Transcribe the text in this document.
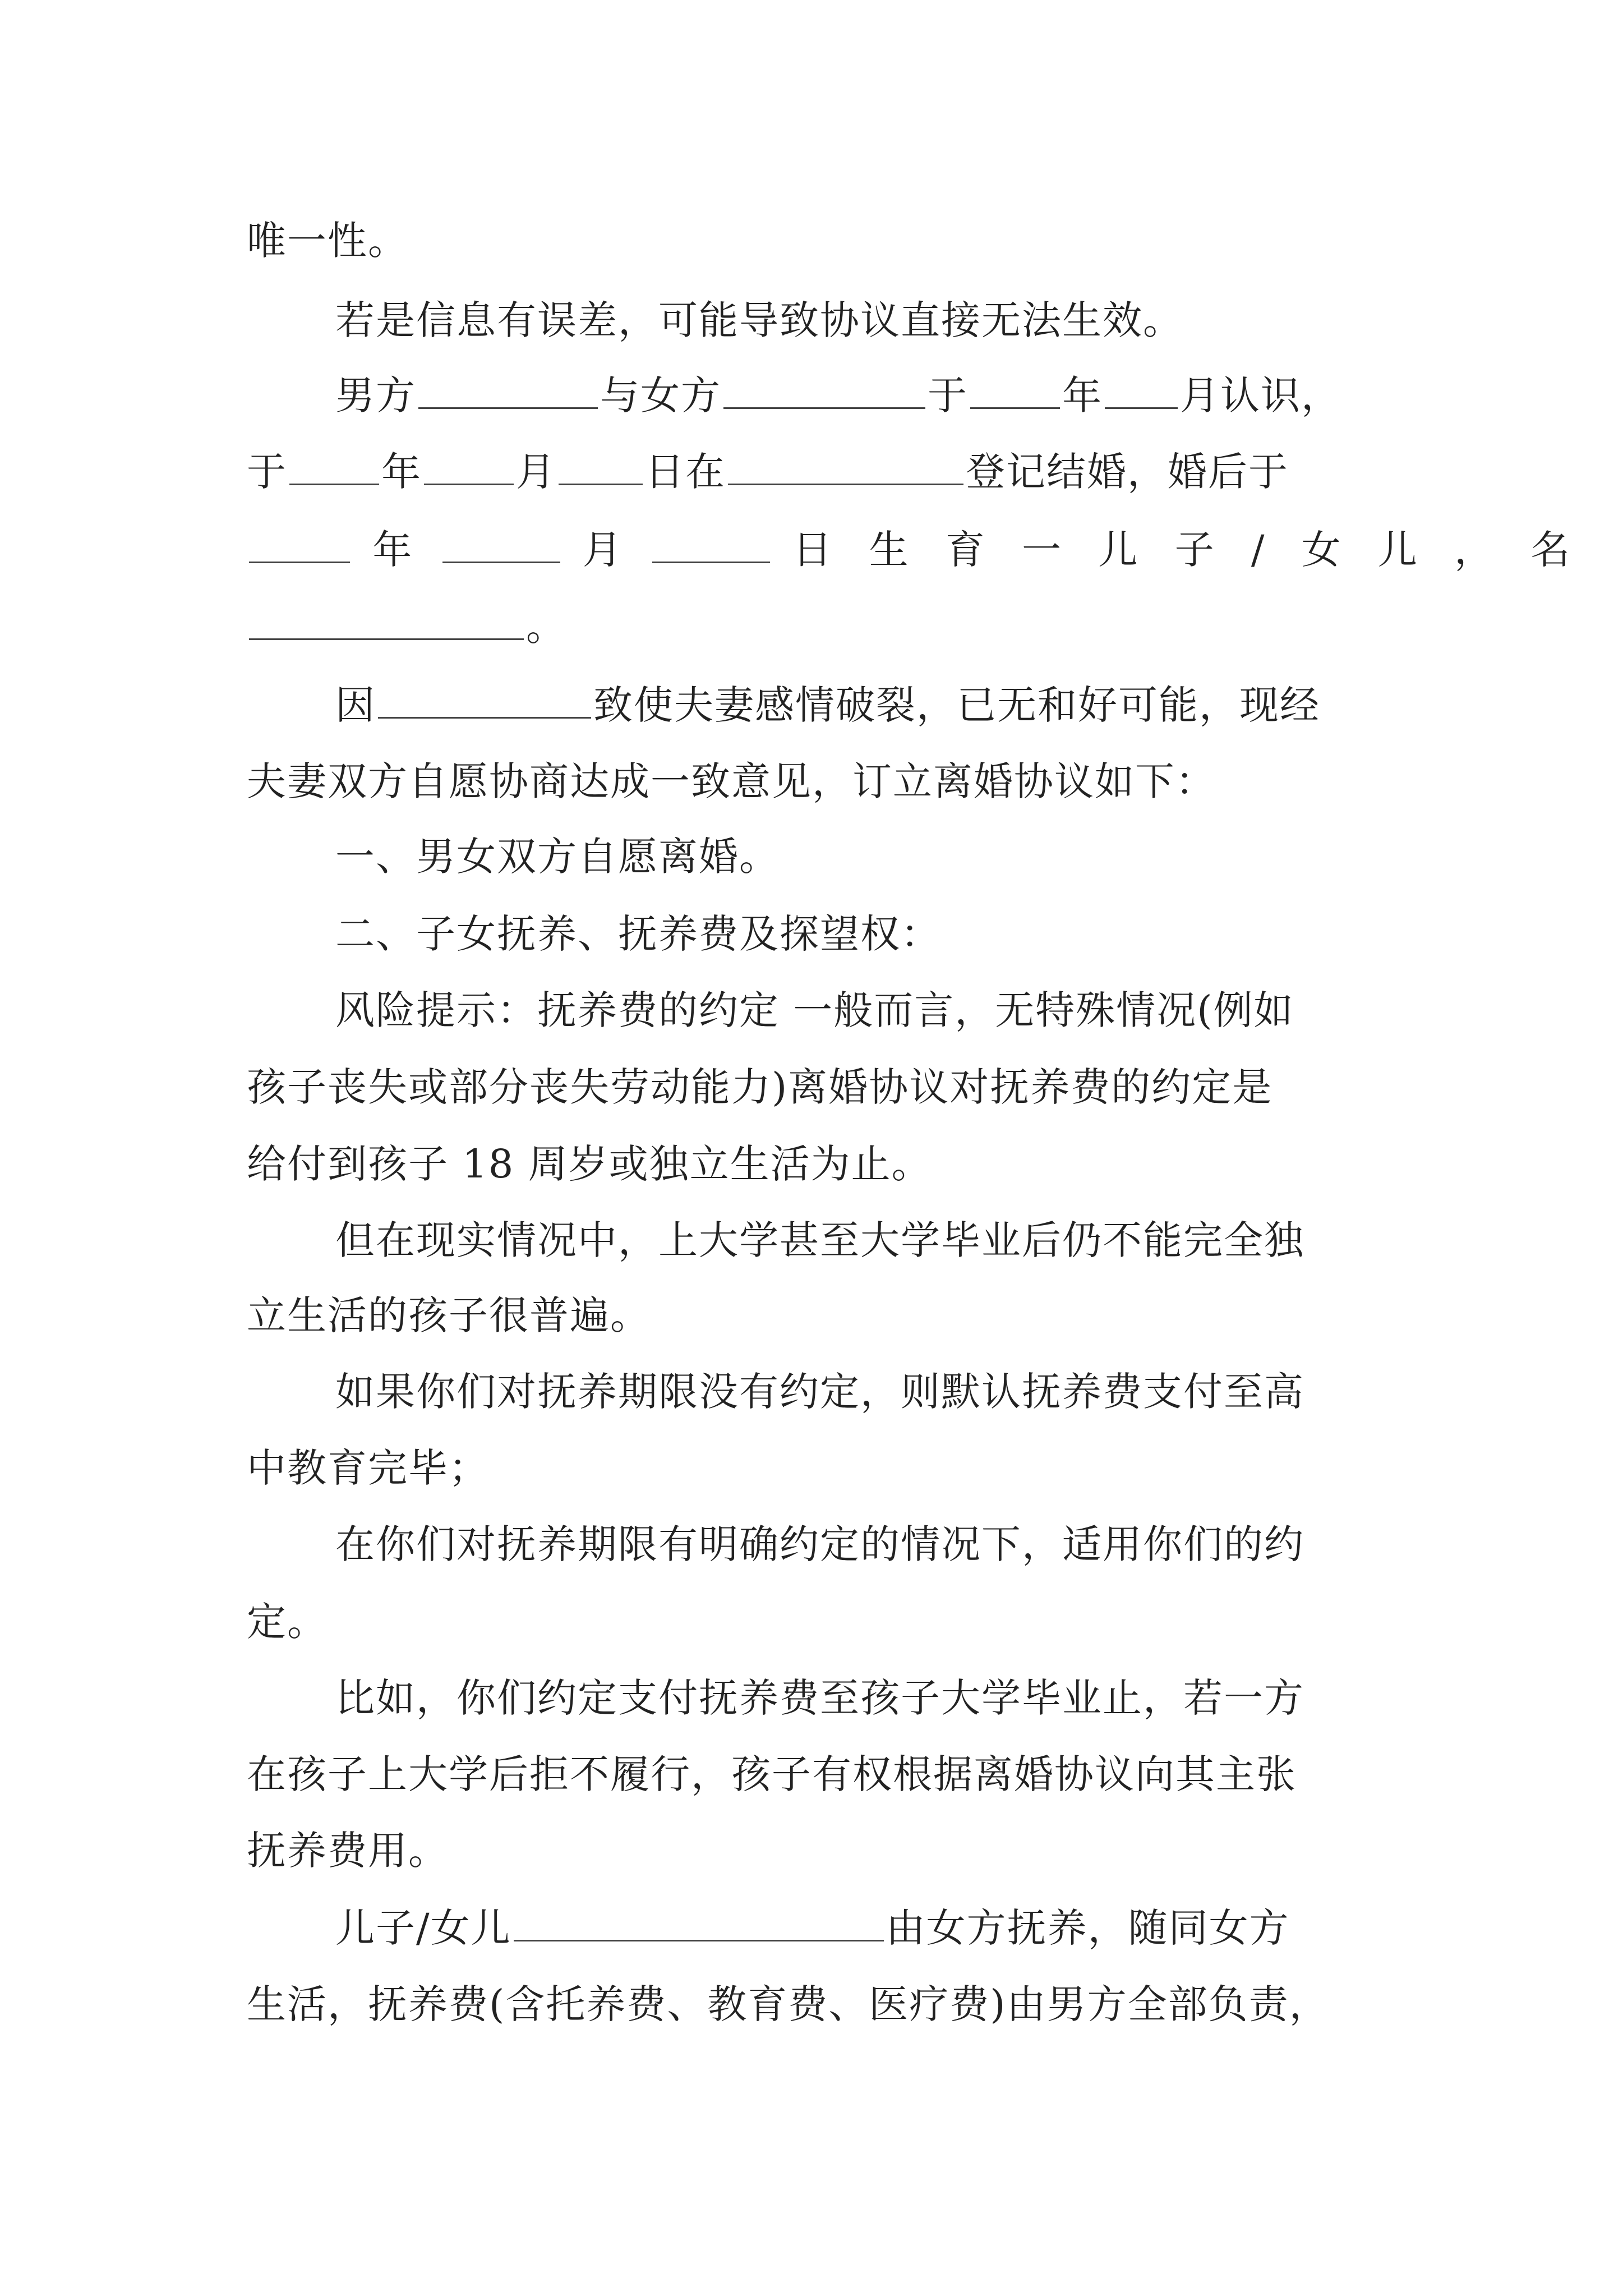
唯一性。
若是信息有误差，可能导致协议直接无法生效。
男方	与女方	于 年 月认识，
于 年 月 日在	登记结婚，婚后于
年	月	日 生 育 一 儿 子 / 女 儿 ， 名
。
因	致使夫妻感情破裂，已无和好可能，现经
夫妻双方自愿协商达成一致意见，订立离婚协议如下：
一、男女双方自愿离婚。
二、子女抚养、抚养费及探望权：
风险提示：抚养费的约定 一般而言，无特殊情况(例如
孩子丧失或部分丧失劳动能力)离婚协议对抚养费的约定是
给付到孩子 18 周岁或独立生活为止。
但在现实情况中，上大学甚至大学毕业后仍不能完全独
立生活的孩子很普遍。
如果你们对抚养期限没有约定，则默认抚养费支付至高
中教育完毕；
在你们对抚养期限有明确约定的情况下，适用你们的约
定。
比如，你们约定支付抚养费至孩子大学毕业止，若一方
在孩子上大学后拒不履行，孩子有权根据离婚协议向其主张
抚养费用。
儿子/女儿	由女方抚养，随同女方
生活，抚养费(含托养费、教育费、医疗费)由男方全部负责，
